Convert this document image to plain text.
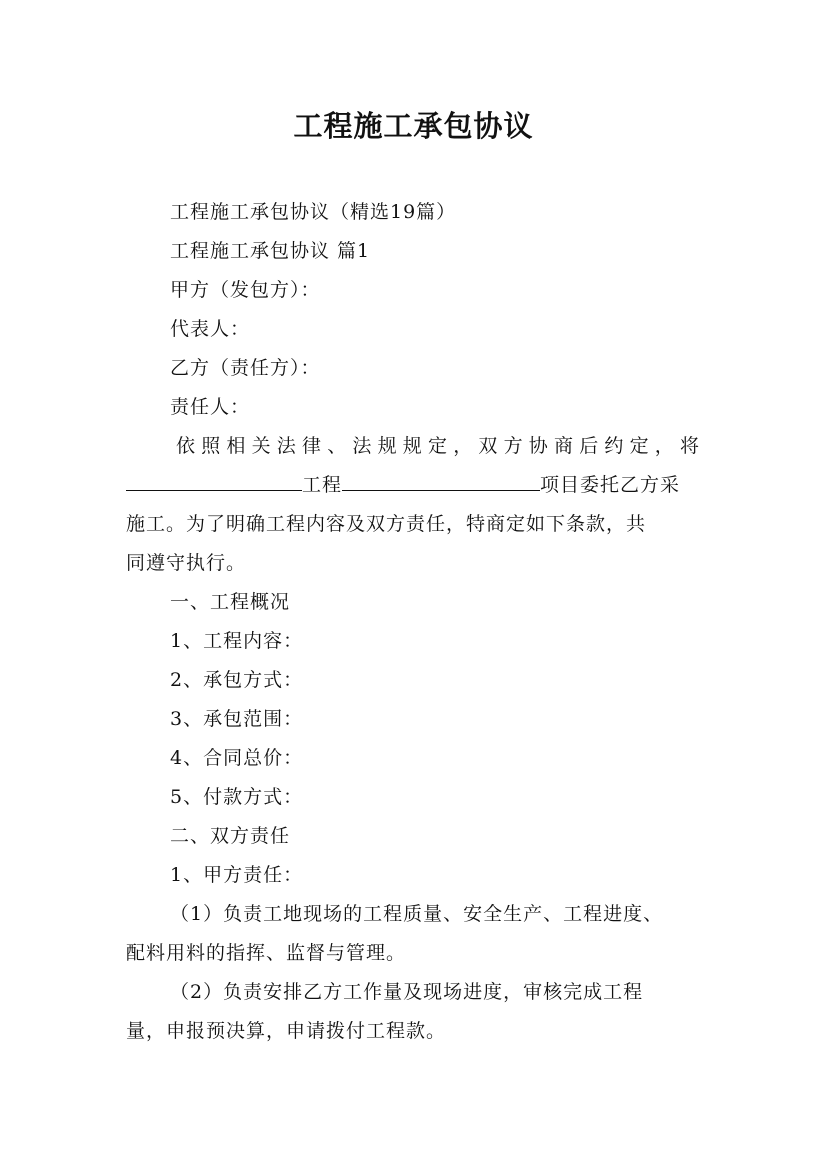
工程施工承包协议
工程施工承包协议（精选19篇）
工程施工承包协议 篇1
甲方（发包方）：
代表人：
乙方（责任方）：
责任人：
依照相关法律、法规规定，双方协商后约定，将
工程	项目委托乙方采
施工。为了明确工程内容及双方责任，特商定如下条款，共
同遵守执行。
一、工程概况
1、工程内容：
2、承包方式：
3、承包范围：
4、合同总价：
5、付款方式：
二、双方责任
1、甲方责任：
（1）负责工地现场的工程质量、安全生产、工程进度、
配料用料的指挥、监督与管理。
（2）负责安排乙方工作量及现场进度，审核完成工程
量，申报预决算，申请拨付工程款。
